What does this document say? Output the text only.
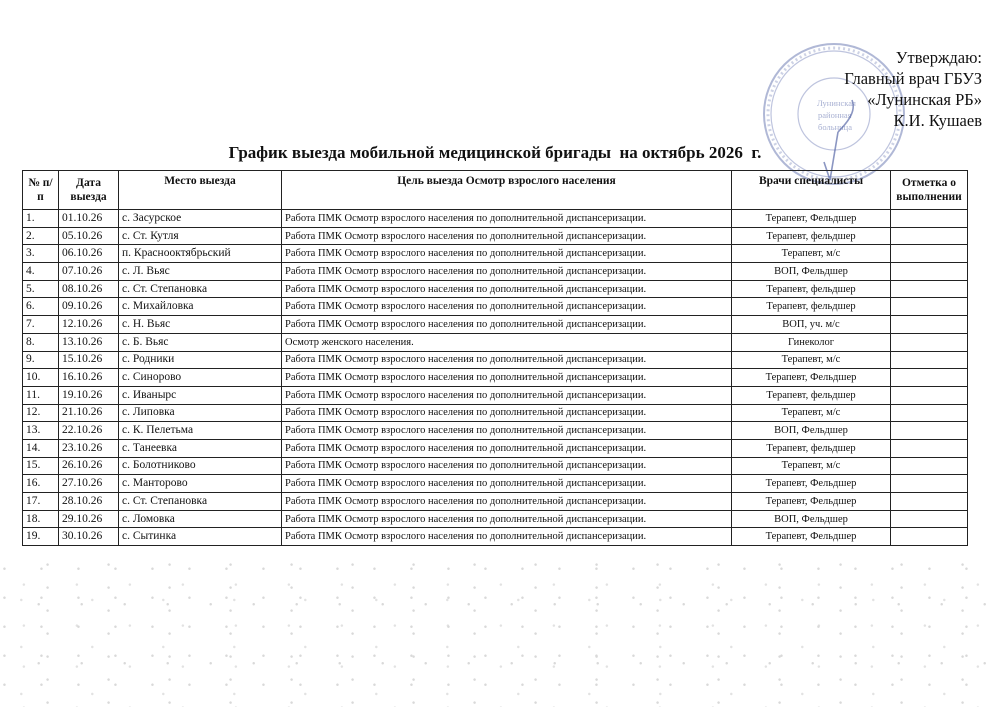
Лунинская
районная
больница
Утверждаю:
Главный врач ГБУЗ
«Лунинская РБ»
К.И. Кушаев
График выезда мобильной медицинской бригады  на октябрь 2026  г.
№ п/п	Дата выезда	Место выезда	Цель выезда Осмотр взрослого населения	Врачи специалисты	Отметка о выполнении
1.	01.10.26	с. Засурское	Работа ПМК Осмотр взрослого населения по дополнительной диспансеризации.	Терапевт, Фельдшер	
2.	05.10.26	с. Ст. Кутля	Работа ПМК Осмотр взрослого населения по дополнительной диспансеризации.	Терапевт, фельдшер	
3.	06.10.26	п. Краснооктябрьский	Работа ПМК Осмотр взрослого населения по дополнительной диспансеризации.	Терапевт, м/с	
4.	07.10.26	с. Л. Вьяс	Работа ПМК Осмотр взрослого населения по дополнительной диспансеризации.	ВОП, Фельдшер	
5.	08.10.26	с. Ст. Степановка	Работа ПМК Осмотр взрослого населения по дополнительной диспансеризации.	Терапевт, фельдшер	
6.	09.10.26	с. Михайловка	Работа ПМК Осмотр взрослого населения по дополнительной диспансеризации.	Терапевт, фельдшер	
7.	12.10.26	с. Н. Вьяс	Работа ПМК Осмотр взрослого населения по дополнительной диспансеризации.	ВОП, уч. м/с	
8.	13.10.26	с. Б. Вьяс	Осмотр женского населения.	Гинеколог	
9.	15.10.26	с. Родники	Работа ПМК Осмотр взрослого населения по дополнительной диспансеризации.	Терапевт, м/с	
10.	16.10.26	с. Синорово	Работа ПМК Осмотр взрослого населения по дополнительной диспансеризации.	Терапевт, Фельдшер	
11.	19.10.26	с. Иваныpс	Работа ПМК Осмотр взрослого населения по дополнительной диспансеризации.	Терапевт, фельдшер	
12.	21.10.26	с. Липовка	Работа ПМК Осмотр взрослого населения по дополнительной диспансеризации.	Терапевт, м/с	
13.	22.10.26	с. К. Пелетьма	Работа ПМК Осмотр взрослого населения по дополнительной диспансеризации.	ВОП, Фельдшер	
14.	23.10.26	с. Танеевка	Работа ПМК Осмотр взрослого населения по дополнительной диспансеризации.	Терапевт, фельдшер	
15.	26.10.26	с. Болотниково	Работа ПМК Осмотр взрослого населения по дополнительной диспансеризации.	Терапевт, м/с	
16.	27.10.26	с. Манторово	Работа ПМК Осмотр взрослого населения по дополнительной диспансеризации.	Терапевт, Фельдшер	
17.	28.10.26	с. Ст. Степановка	Работа ПМК Осмотр взрослого населения по дополнительной диспансеризации.	Терапевт, Фельдшер	
18.	29.10.26	с. Ломовка	Работа ПМК Осмотр взрослого населения по дополнительной диспансеризации.	ВОП, Фельдшер	
19.	30.10.26	с. Сытинка	Работа ПМК Осмотр взрослого населения по дополнительной диспансеризации.	Терапевт, Фельдшер	
